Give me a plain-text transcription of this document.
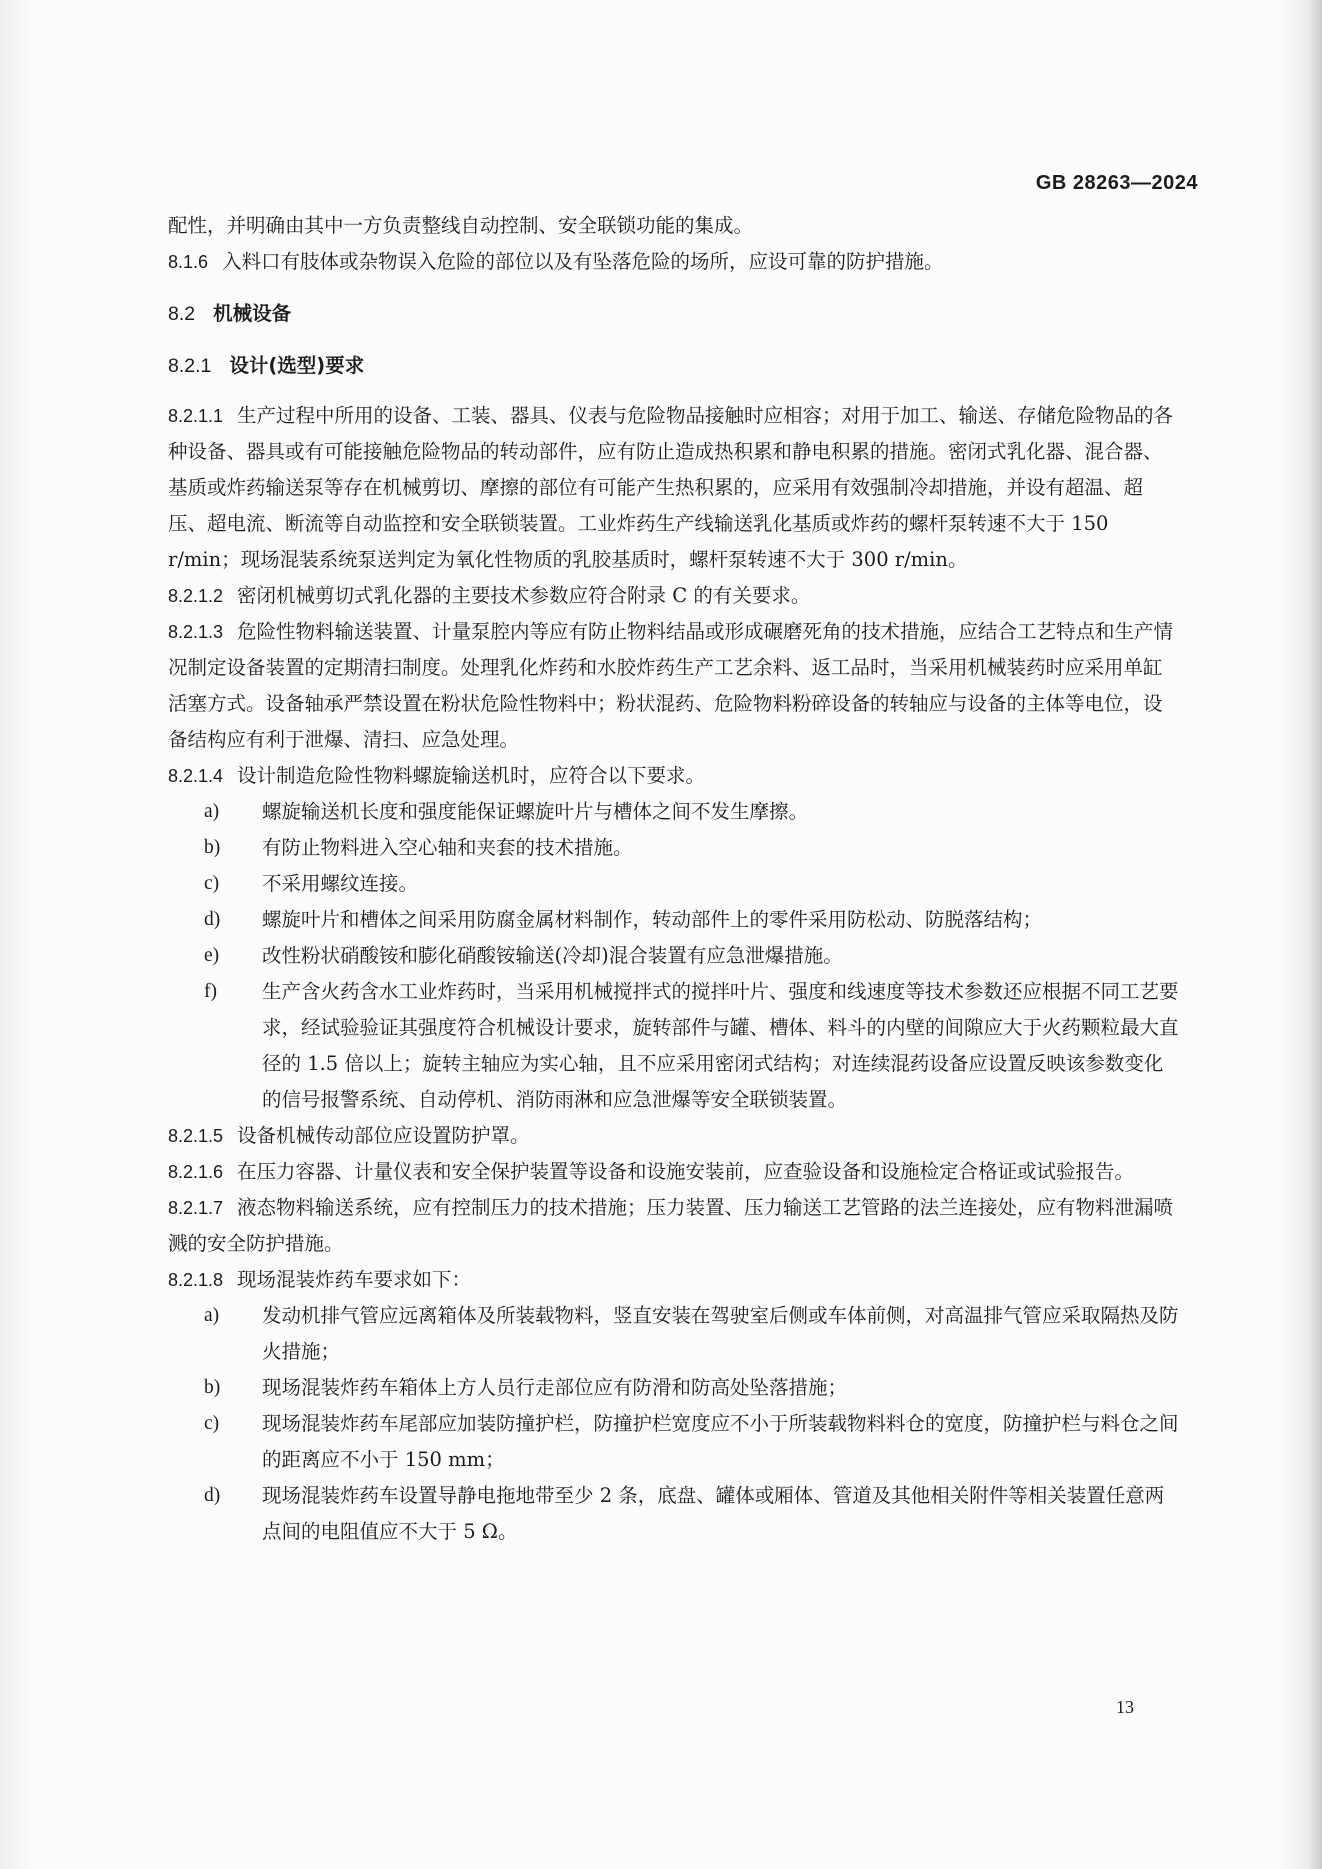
GB 28263—2024

配性，并明确由其中一方负责整线自动控制、安全联锁功能的集成。

8.1.6 入料口有肢体或杂物误入危险的部位以及有坠落危险的场所，应设可靠的防护措施。

8.2 机械设备
8.2.1 设计(选型)要求

8.2.1.1 生产过程中所用的设备、工装、器具、仪表与危险物品接触时应相容；对用于加工、输送、存储危险物品的各种设备、器具或有可能接触危险物品的转动部件，应有防止造成热积累和静电积累的措施。密闭式乳化器、混合器、基质或炸药输送泵等存在机械剪切、摩擦的部位有可能产生热积累的，应采用有效强制冷却措施，并设有超温、超压、超电流、断流等自动监控和安全联锁装置。工业炸药生产线输送乳化基质或炸药的螺杆泵转速不大于 150 r/min；现场混装系统泵送判定为氧化性物质的乳胶基质时，螺杆泵转速不大于 300 r/min。

8.2.1.2 密闭机械剪切式乳化器的主要技术参数应符合附录 C 的有关要求。

8.2.1.3 危险性物料输送装置、计量泵腔内等应有防止物料结晶或形成碾磨死角的技术措施，应结合工艺特点和生产情况制定设备装置的定期清扫制度。处理乳化炸药和水胶炸药生产工艺余料、返工品时，当采用机械装药时应采用单缸活塞方式。设备轴承严禁设置在粉状危险性物料中；粉状混药、危险物料粉碎设备的转轴应与设备的主体等电位，设备结构应有利于泄爆、清扫、应急处理。

8.2.1.4 设计制造危险性物料螺旋输送机时，应符合以下要求。

a)	螺旋输送机长度和强度能保证螺旋叶片与槽体之间不发生摩擦。
b)	有防止物料进入空心轴和夹套的技术措施。
c)	不采用螺纹连接。
d)	螺旋叶片和槽体之间采用防腐金属材料制作，转动部件上的零件采用防松动、防脱落结构；
e)	改性粉状硝酸铵和膨化硝酸铵输送(冷却)混合装置有应急泄爆措施。
f)	生产含火药含水工业炸药时，当采用机械搅拌式的搅拌叶片、强度和线速度等技术参数还应根据不同工艺要求，经试验验证其强度符合机械设计要求，旋转部件与罐、槽体、料斗的内壁的间隙应大于火药颗粒最大直径的 1.5 倍以上；旋转主轴应为实心轴，且不应采用密闭式结构；对连续混药设备应设置反映该参数变化的信号报警系统、自动停机、消防雨淋和应急泄爆等安全联锁装置。

8.2.1.5 设备机械传动部位应设置防护罩。

8.2.1.6 在压力容器、计量仪表和安全保护装置等设备和设施安装前，应查验设备和设施检定合格证或试验报告。

8.2.1.7 液态物料输送系统，应有控制压力的技术措施；压力装置、压力输送工艺管路的法兰连接处，应有物料泄漏喷溅的安全防护措施。

8.2.1.8 现场混装炸药车要求如下：

a)	发动机排气管应远离箱体及所装载物料，竖直安装在驾驶室后侧或车体前侧，对高温排气管应采取隔热及防火措施；
b)	现场混装炸药车箱体上方人员行走部位应有防滑和防高处坠落措施；
c)	现场混装炸药车尾部应加装防撞护栏，防撞护栏宽度应不小于所装载物料料仓的宽度，防撞护栏与料仓之间的距离应不小于 150 mm；
d)	现场混装炸药车设置导静电拖地带至少 2 条，底盘、罐体或厢体、管道及其他相关附件等相关装置任意两点间的电阻值应不大于 5 Ω。
13
